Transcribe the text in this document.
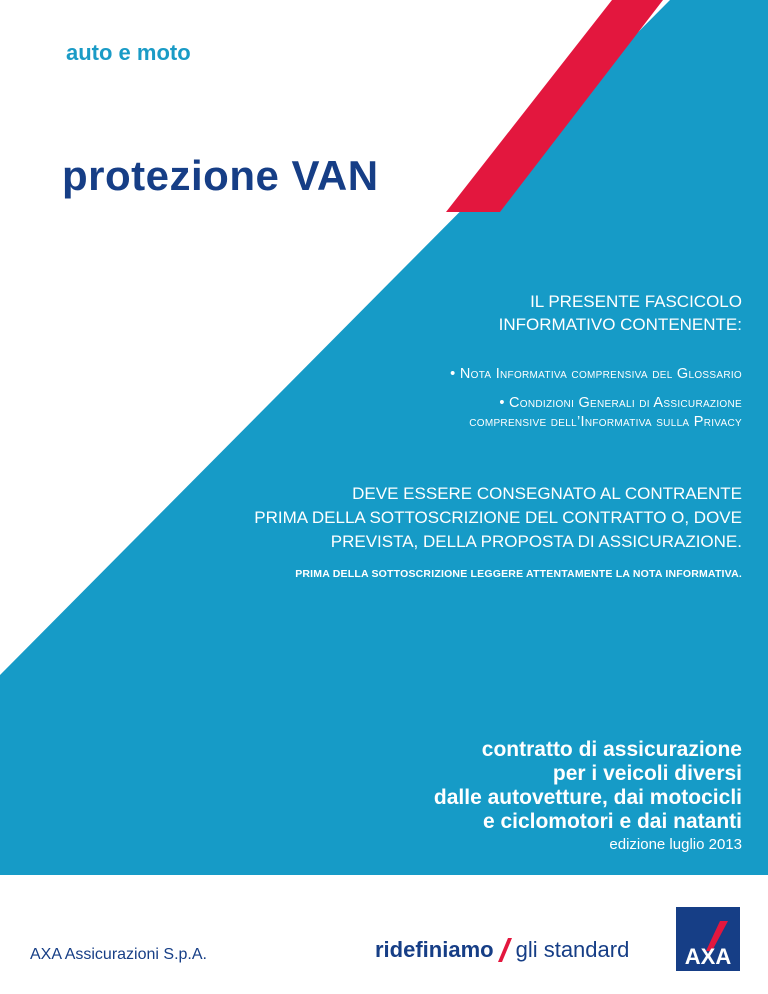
auto e moto
protezione VAN
IL PRESENTE FASCICOLO
INFORMATIVO CONTENENTE:
• Nota Informativa comprensiva del Glossario
• Condizioni Generali di Assicurazione
comprensive dell’Informativa sulla Privacy
DEVE ESSERE CONSEGNATO AL CONTRAENTE
PRIMA DELLA SOTTOSCRIZIONE DEL CONTRATTO O, DOVE
PREVISTA, DELLA PROPOSTA DI ASSICURAZIONE.
PRIMA DELLA SOTTOSCRIZIONE LEGGERE ATTENTAMENTE LA NOTA INFORMATIVA.
contratto di assicurazione
per i veicoli diversi
dalle autovetture, dai motocicli
e ciclomotori e dai natanti
edizione luglio 2013
AXA Assicurazioni S.p.A.	ridefiniamo gli standard	AXA
